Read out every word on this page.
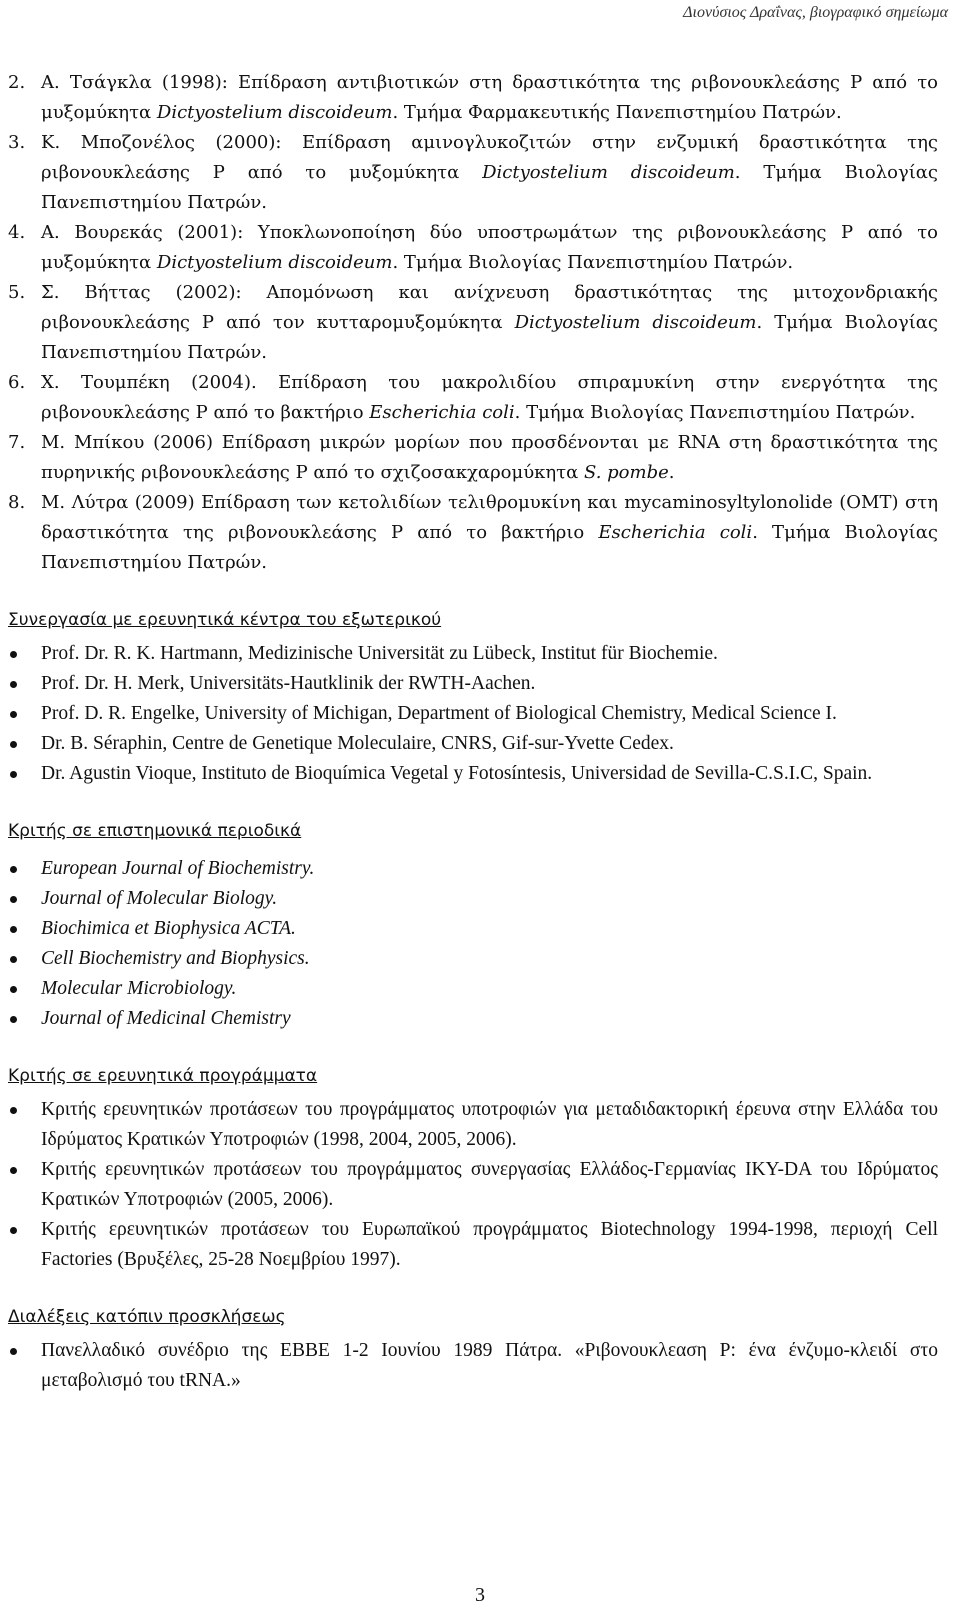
Διονύσιος Δραΐνας, βιογραφικό σημείωμα
2. Α. Τσάγκλα (1998): Επίδραση αντιβιοτικών στη δραστικότητα της ριβονουκλεάσης P από το μυξομύκητα Dictyostelium discoideum. Τμήμα Φαρμακευτικής Πανεπιστημίου Πατρών.
3. Κ. Μποζονέλος (2000): Επίδραση αμινογλυκοζιτών στην ενζυμική δραστικότητα της ριβονουκλεάσης P από το μυξομύκητα Dictyostelium discoideum. Τμήμα Βιολογίας Πανεπιστημίου Πατρών.
4. Α. Βουρεκάς (2001): Υποκλωνοποίηση δύο υποστρωμάτων της ριβονουκλεάσης P από το μυξομύκητα Dictyostelium discoideum. Τμήμα Βιολογίας Πανεπιστημίου Πατρών.
5. Σ. Βήττας (2002): Απομόνωση και ανίχνευση δραστικότητας της μιτοχονδριακής ριβονουκλεάσης P από τον κυτταρομυξομύκητα Dictyostelium discoideum. Τμήμα Βιολογίας Πανεπιστημίου Πατρών.
6. Χ. Τουμπέκη (2004). Επίδραση του μακρολιδίου σπιραμυκίνη στην ενεργότητα της ριβονουκλεάσης P από το βακτήριο Escherichia coli. Τμήμα Βιολογίας Πανεπιστημίου Πατρών.
7. Μ. Μπίκου (2006) Επίδραση μικρών μορίων που προσδένονται με RNA στη δραστικότητα της πυρηνικής ριβονουκλεάσης P από το σχιζοσακχαρομύκητα S. pombe.
8. Μ. Λύτρα (2009) Επίδραση των κετολιδίων τελιθρομυκίνη και mycaminosyltylonolide (OMT) στη δραστικότητα της ριβονουκλεάσης P από το βακτήριο Escherichia coli. Τμήμα Βιολογίας Πανεπιστημίου Πατρών.
Συνεργασία με ερευνητικά κέντρα του εξωτερικού
Prof. Dr. R. K. Hartmann, Medizinische Universität zu Lübeck, Institut für Biochemie.
Prof. Dr. H. Merk, Universitäts-Hautklinik der RWTH-Aachen.
Prof. D. R. Engelke, University of Michigan, Department of Biological Chemistry, Medical Science I.
Dr. B. Séraphin, Centre de Genetique Moleculaire, CNRS, Gif-sur-Yvette Cedex.
Dr. Agustin Vioque, Instituto de Bioquímica Vegetal y Fotosíntesis, Universidad de Sevilla-C.S.I.C, Spain.
Κριτής σε επιστημονικά περιοδικά
European Journal of Biochemistry.
Journal of Molecular Biology.
Biochimica et Biophysica ACTA.
Cell Biochemistry and Biophysics.
Molecular Microbiology.
Journal of Medicinal Chemistry
Κριτής σε ερευνητικά προγράμματα
Κριτής ερευνητικών προτάσεων του προγράμματος υποτροφιών για μεταδιδακτορική έρευνα στην Ελλάδα του Ιδρύματος Κρατικών Υποτροφιών (1998, 2004, 2005, 2006).
Κριτής ερευνητικών προτάσεων του προγράμματος συνεργασίας Ελλάδος-Γερμανίας ΙΚΥ-DA του Ιδρύματος Κρατικών Υποτροφιών (2005, 2006).
Κριτής ερευνητικών προτάσεων του Ευρωπαϊκού προγράμματος Biotechnology 1994-1998, περιοχή Cell Factories (Βρυξέλες, 25-28 Νοεμβρίου 1997).
Διαλέξεις κατόπιν προσκλήσεως
Πανελλαδικό συνέδριο της ΕΒΒΕ 1-2 Ιουνίου 1989 Πάτρα. «Ριβονουκλεαση Ρ: ένα ένζυμο-κλειδί στο μεταβολισμό του tRNA.»
3
